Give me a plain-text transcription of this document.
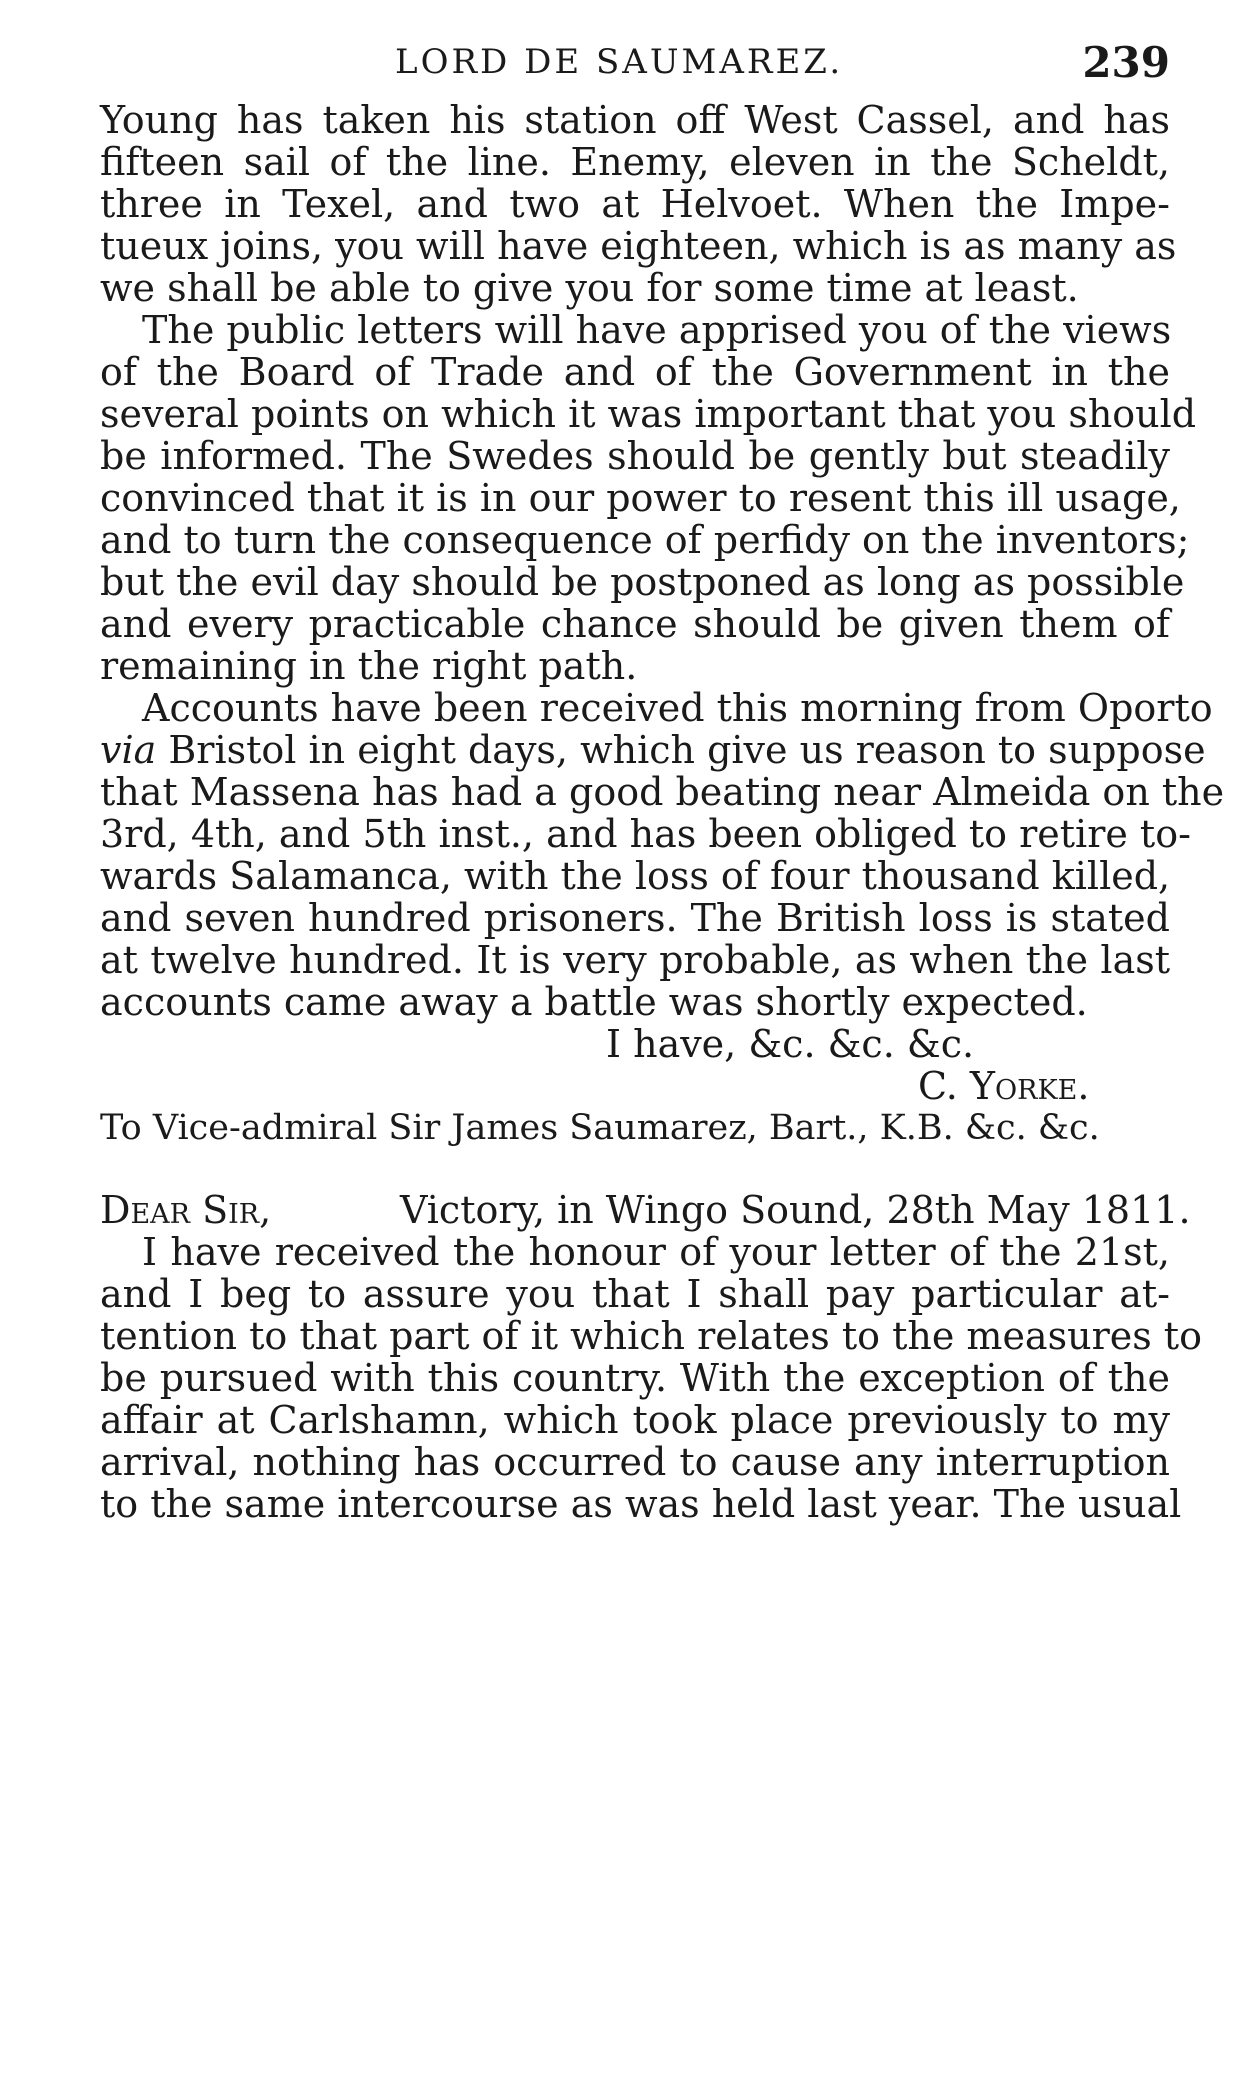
LORD DE SAUMAREZ.	239
Young has taken his station off West Cassel, and has
fifteen sail of the line. Enemy, eleven in the Scheldt,
three in Texel, and two at Helvoet. When the Impe-
tueux joins, you will have eighteen, which is as many as
we shall be able to give you for some time at least.
The public letters will have apprised you of the views
of the Board of Trade and of the Government in the
several points on which it was important that you should
be informed. The Swedes should be gently but steadily
convinced that it is in our power to resent this ill usage,
and to turn the consequence of perfidy on the inventors;
but the evil day should be postponed as long as possible
and every practicable chance should be given them of
remaining in the right path.
Accounts have been received this morning from Oporto
via Bristol in eight days, which give us reason to suppose
that Massena has had a good beating near Almeida on the
3rd, 4th, and 5th inst., and has been obliged to retire to-
wards Salamanca, with the loss of four thousand killed,
and seven hundred prisoners. The British loss is stated
at twelve hundred. It is very probable, as when the last
accounts came away a battle was shortly expected.
I have, &c. &c. &c.
C. Yorke.
To Vice-admiral Sir James Saumarez, Bart., K.B. &c. &c.
Dear Sir,	Victory, in Wingo Sound, 28th May 1811.
I have received the honour of your letter of the 21st,
and I beg to assure you that I shall pay particular at-
tention to that part of it which relates to the measures to
be pursued with this country. With the exception of the
affair at Carlshamn, which took place previously to my
arrival, nothing has occurred to cause any interruption
to the same intercourse as was held last year. The usual
